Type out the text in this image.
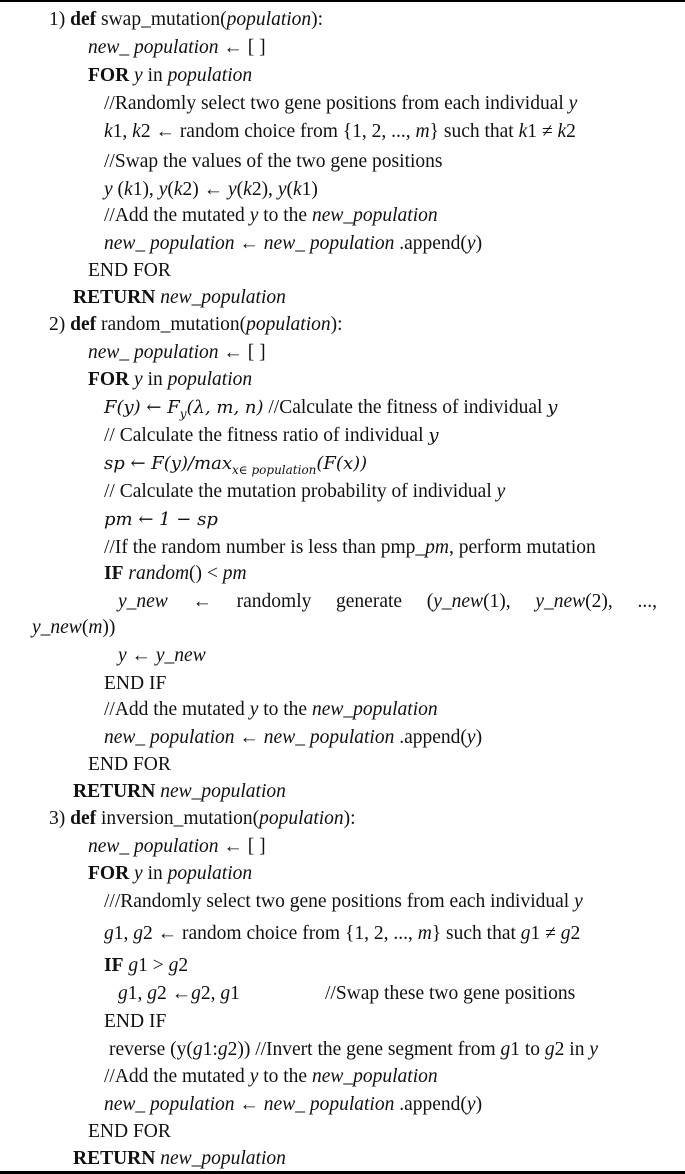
1) def swap_mutation(population):
new_ population ← [ ]
FOR y in population
//Randomly select two gene positions from each individual y
k1, k2 ← random choice from {1, 2, ..., m} such that k1 ≠ k2
//Swap the values of the two gene positions
y (k1), y(k2) ← y(k2), y(k1)
//Add the mutated y to the new_population
new_ population ← new_ population .append(y)
END FOR
RETURN new_population
2) def random_mutation(population):
new_ population ← [ ]
FOR y in population
F(y) ← $F_y(\lambda$, m, n) //Calculate the fitness of individual y
// Calculate the fitness ratio of individual y
sp ← $F(y)/\max_{x\in population}(F(x))$
// Calculate the mutation probability of individual y
pm ← 1 − sp
//If the random number is less than pmp_pm, perform mutation
IF random() < pm
y_new ← randomly generate (y_new(1), y_new(2), ...,
y_new(m))
y ← y_new
END IF
//Add the mutated y to the new_population
new_ population ← new_ population .append(y)
END FOR
RETURN new_population
3) def inversion_mutation(population):
new_ population ← [ ]
FOR y in population
///Randomly select two gene positions from each individual y
g1, g2 ← random choice from {1, 2, ..., m} such that g1 ≠ g2
IF g1 > g2
g1, g2 ←g2, g1	//Swap these two gene positions
END IF
reverse (y(g1:g2)) //Invert the gene segment from g1 to g2 in y
//Add the mutated y to the new_population
new_ population ← new_ population .append(y)
END FOR
RETURN new_population
